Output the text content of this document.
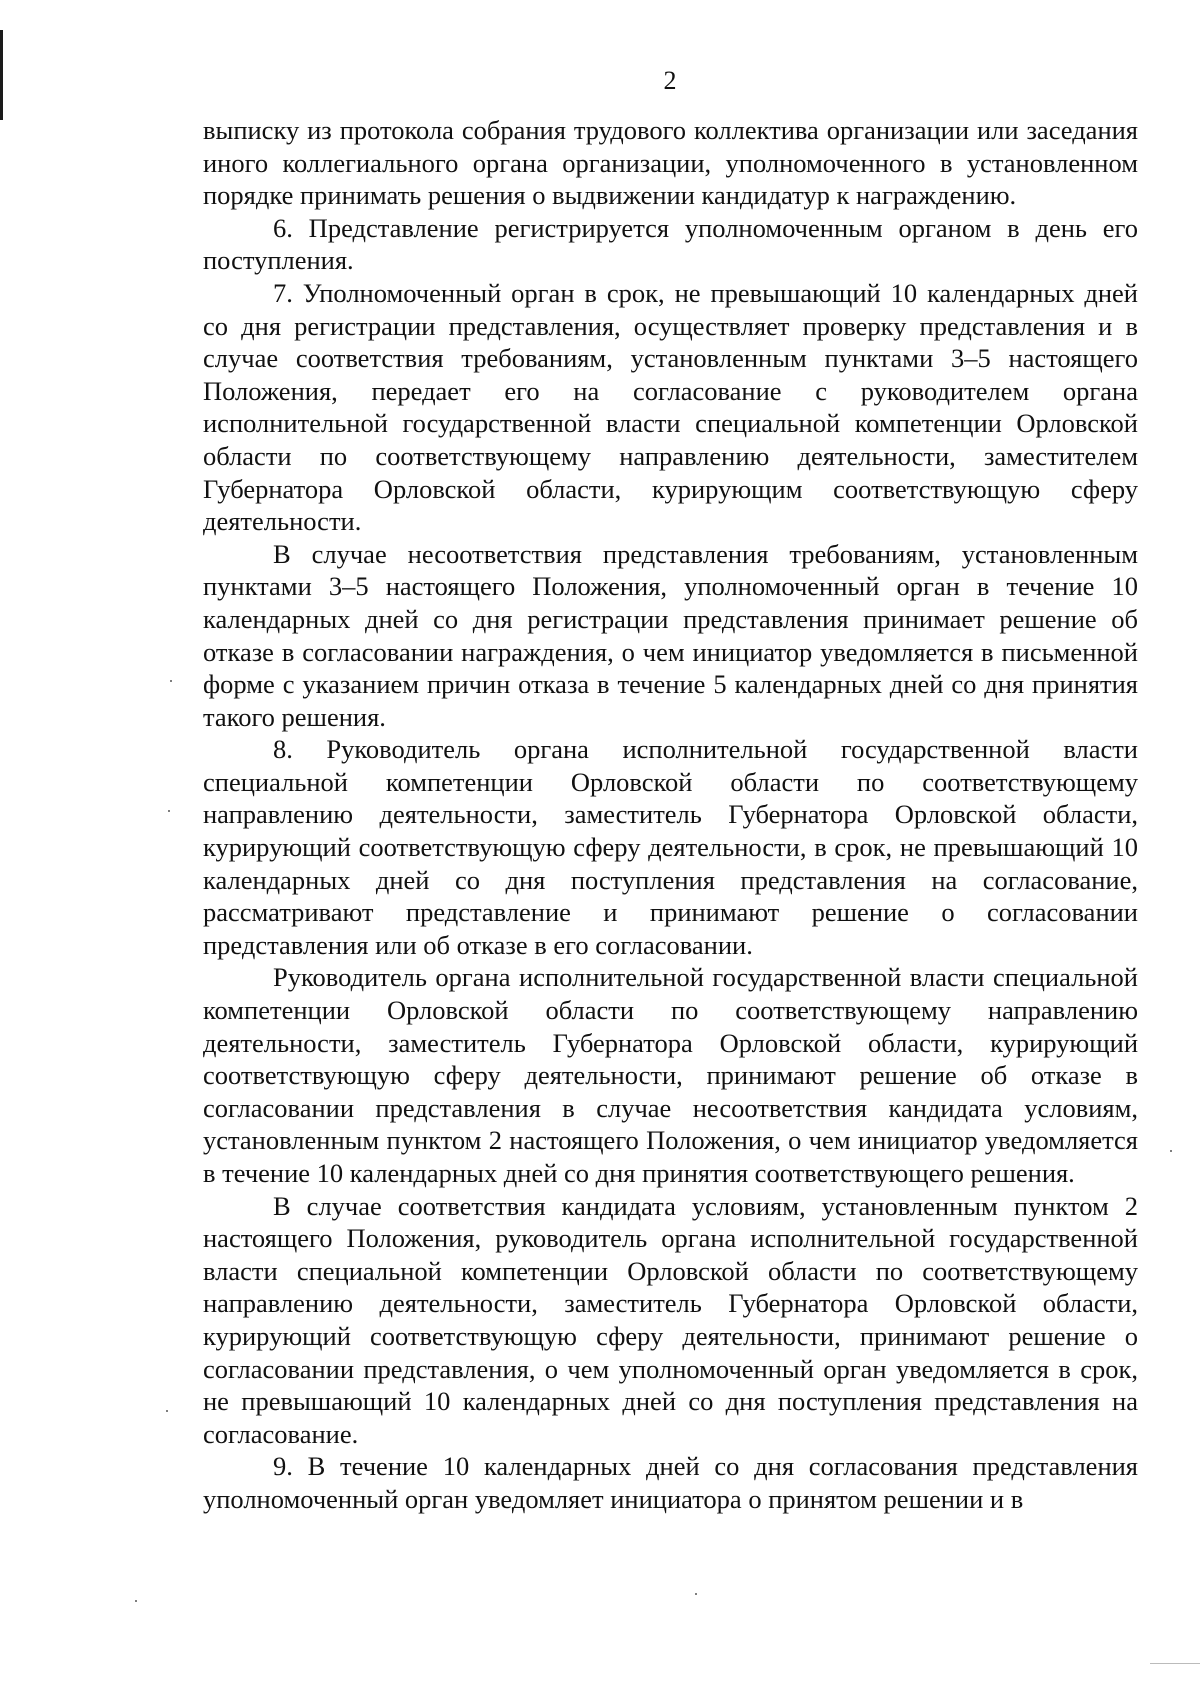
2

выписку из протокола собрания трудового коллектива организации или заседания иного коллегиального органа организации, уполномоченного в установленном порядке принимать решения о выдвижении кандидатур к награждению.

6. Представление регистрируется уполномоченным органом в день его поступления.

7. Уполномоченный орган в срок, не превышающий 10 календарных дней со дня регистрации представления, осуществляет проверку представления и в случае соответствия требованиям, установленным пунктами 3–5 настоящего Положения, передает его на согласование с руководителем органа исполнительной государственной власти специальной компетенции Орловской области по соответствующему направлению деятельности, заместителем Губернатора Орловской области, курирующим соответствующую сферу деятельности.

В случае несоответствия представления требованиям, установленным пунктами 3–5 настоящего Положения, уполномоченный орган в течение 10 календарных дней со дня регистрации представления принимает решение об отказе в согласовании награждения, о чем инициатор уведомляется в письменной форме с указанием причин отказа в течение 5 календарных дней со дня принятия такого решения.

8. Руководитель органа исполнительной государственной власти специальной компетенции Орловской области по соответствующему направлению деятельности, заместитель Губернатора Орловской области, курирующий соответствующую сферу деятельности, в срок, не превышающий 10 календарных дней со дня поступления представления на согласование, рассматривают представление и принимают решение о согласовании представления или об отказе в его согласовании.

Руководитель органа исполнительной государственной власти специальной компетенции Орловской области по соответствующему направлению деятельности, заместитель Губернатора Орловской области, курирующий соответствующую сферу деятельности, принимают решение об отказе в согласовании представления в случае несоответствия кандидата условиям, установленным пунктом 2 настоящего Положения, о чем инициатор уведомляется в течение 10 календарных дней со дня принятия соответствующего решения.

В случае соответствия кандидата условиям, установленным пунктом 2 настоящего Положения, руководитель органа исполнительной государственной власти специальной компетенции Орловской области по соответствующему направлению деятельности, заместитель Губернатора Орловской области, курирующий соответствующую сферу деятельности, принимают решение о согласовании представления, о чем уполномоченный орган уведомляется в срок, не превышающий 10 календарных дней со дня поступления представления на согласование.

9. В течение 10 календарных дней со дня согласования представления уполномоченный орган уведомляет инициатора о принятом решении и в
